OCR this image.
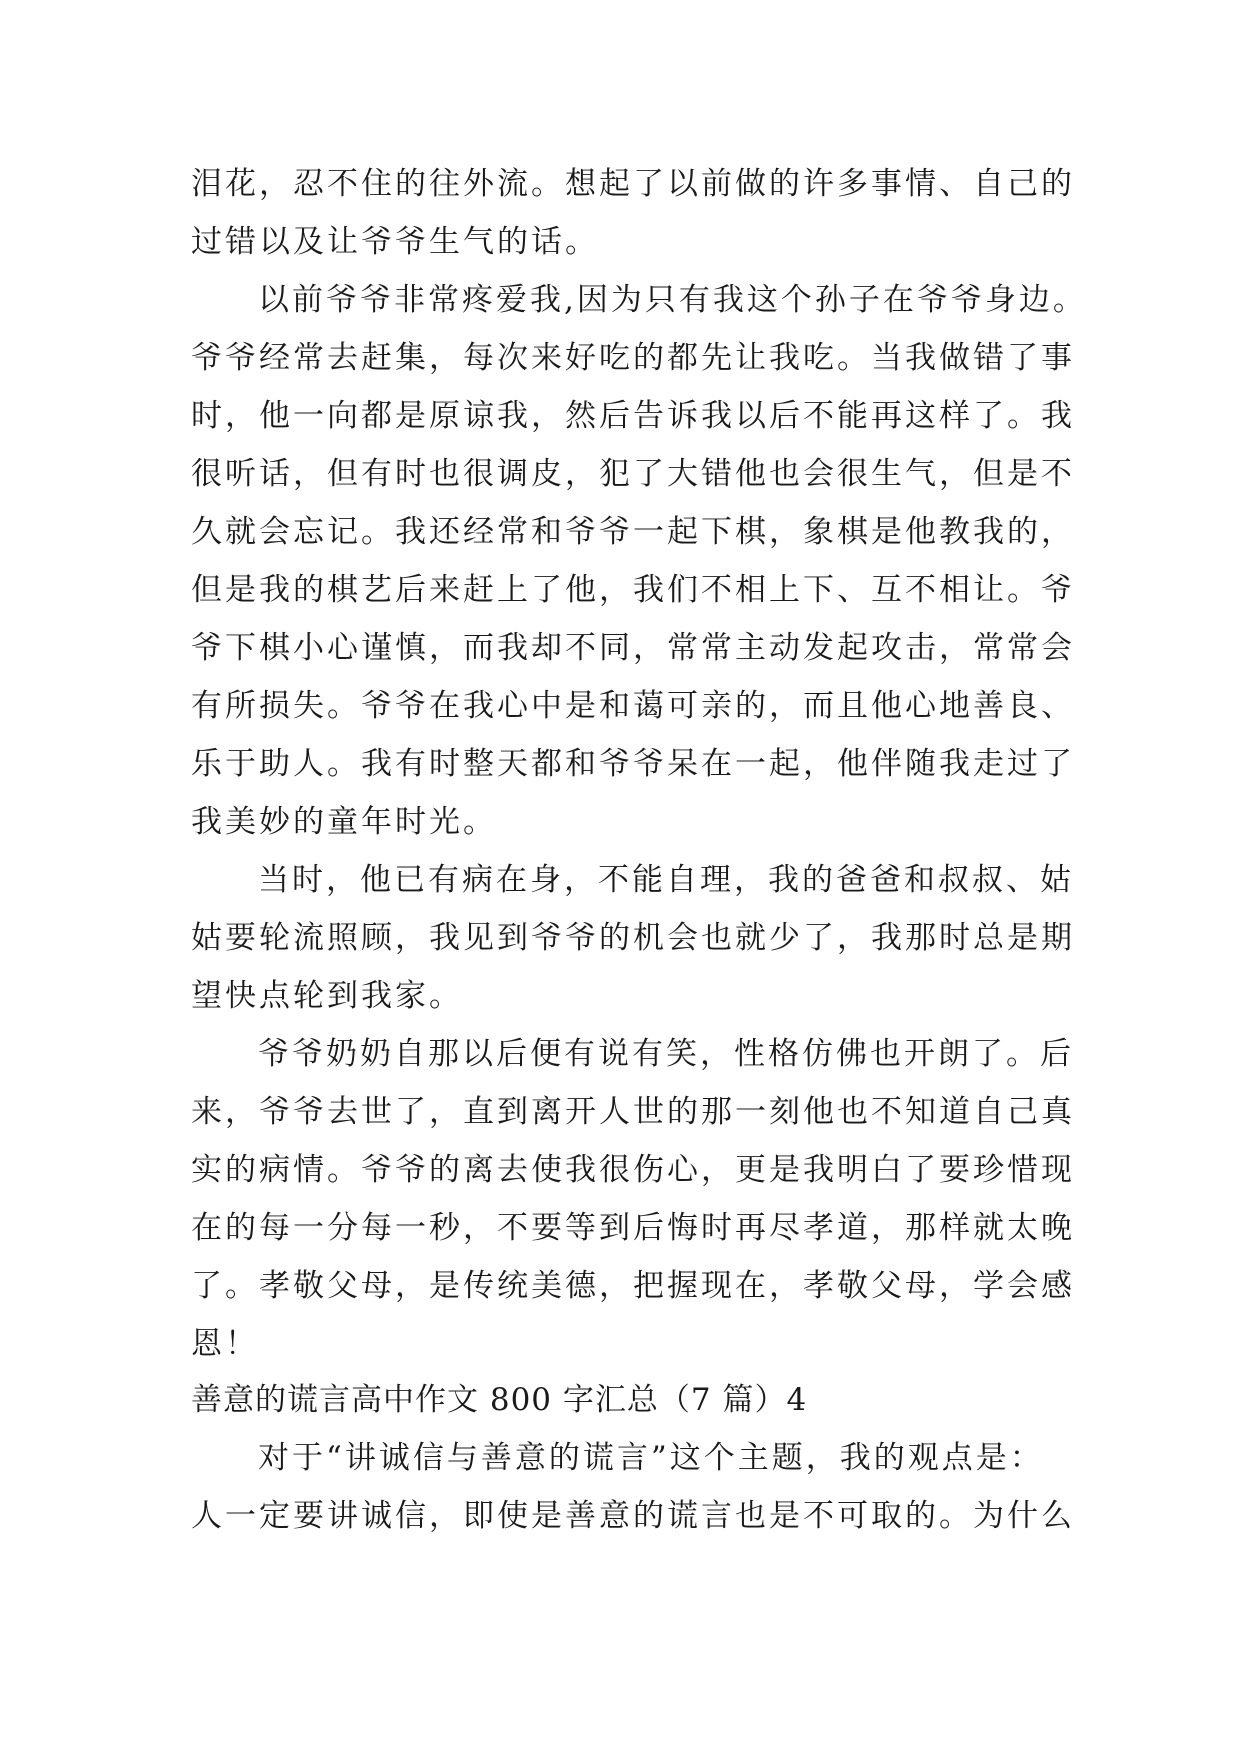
泪花，忍不住的往外流。想起了以前做的许多事情、自己的
过错以及让爷爷生气的话。
以前爷爷非常疼爱我,因为只有我这个孙子在爷爷身边。
爷爷经常去赶集，每次来好吃的都先让我吃。当我做错了事
时，他一向都是原谅我，然后告诉我以后不能再这样了。我
很听话，但有时也很调皮，犯了大错他也会很生气，但是不
久就会忘记。我还经常和爷爷一起下棋，象棋是他教我的，
但是我的棋艺后来赶上了他，我们不相上下、互不相让。爷
爷下棋小心谨慎，而我却不同，常常主动发起攻击，常常会
有所损失。爷爷在我心中是和蔼可亲的，而且他心地善良、
乐于助人。我有时整天都和爷爷呆在一起，他伴随我走过了
我美妙的童年时光。
当时，他已有病在身，不能自理，我的爸爸和叔叔、姑
姑要轮流照顾，我见到爷爷的机会也就少了，我那时总是期
望快点轮到我家。
爷爷奶奶自那以后便有说有笑，性格仿佛也开朗了。后
来，爷爷去世了，直到离开人世的那一刻他也不知道自己真
实的病情。爷爷的离去使我很伤心，更是我明白了要珍惜现
在的每一分每一秒，不要等到后悔时再尽孝道，那样就太晚
了。孝敬父母，是传统美德，把握现在，孝敬父母，学会感
恩！
善意的谎言高中作文 800 字汇总（7 篇）4
对于“讲诚信与善意的谎言”这个主题，我的观点是：
人一定要讲诚信，即使是善意的谎言也是不可取的。为什么
